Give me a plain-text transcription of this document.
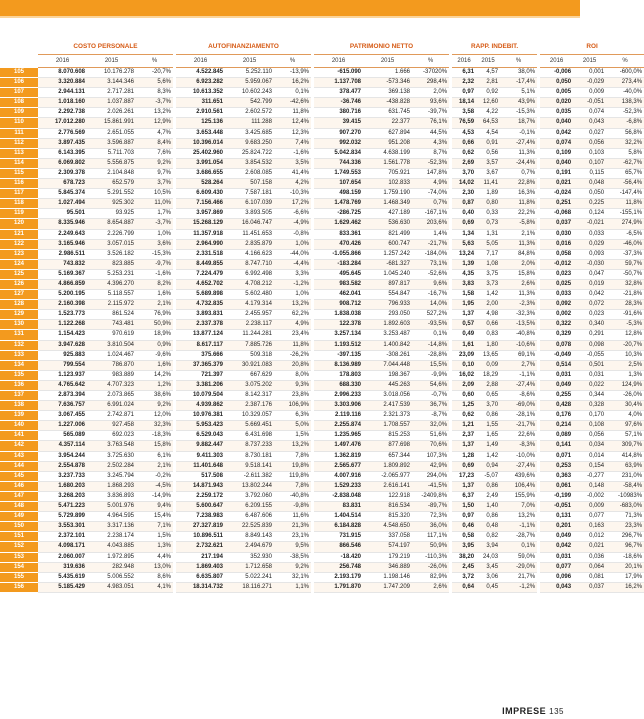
	COSTO PERSONALE				AUTOFINANZIAMENTO				PATRIMONIO NETTO				RAPP. INDEBIT.				ROI		
	2016	2015	%		2016	2015	%		2016	2015	%		2016	2015	%		2016	2015	%
105	8.070.608	10.176.278	-20,7%		4.522.845	5.252.110	-13,9%		-615.090	1.666	-37020%		6,31	4,57	38,0%		-0,006	0,001	-600,0%
106	3.320.884	3.144.346	5,6%		6.923.282	5.959.067	16,2%		1.137.708	-573.346	298,4%		2,32	2,81	-17,4%		0,050	-0,029	273,4%
107	2.944.131	2.717.281	8,3%		10.613.352	10.602.243	0,1%		378.477	369.138	2,0%		0,97	0,92	5,1%		0,005	0,009	-40,0%
108	1.018.160	1.037.887	-3,7%		311.651	542.799	-42,6%		-36.746	-438.828	93,6%		18,14	12,60	43,9%		0,020	-0,051	138,3%
109	2.292.738	2.026.261	13,2%		2.910.561	2.602.572	11,8%		380.716	631.745	-39,7%		3,58	4,22	-15,3%		0,035	0,074	-52,3%
110	17.012.280	15.861.991	12,9%		125.136	111.288	12,4%		39.415	22.377	76,1%		76,59	64,53	18,7%		0,040	0,043	-6,8%
111	2.776.569	2.651.055	4,7%		3.653.448	3.425.685	12,3%		907.270	627.894	44,5%		4,53	4,54	-0,1%		0,042	0,027	56,8%
112	3.897.435	3.596.887	8,4%		10.396.014	9.683.250	7,4%		992.032	951.208	4,3%		0,66	0,91	-27,4%		0,074	0,056	32,2%
113	6.143.395	5.711.703	7,6%		25.402.960	25.824.722	-1,6%		5.042.834	4.638.199	8,7%		0,62	0,56	11,3%		0,109	0,103	5,8%
114	6.069.802	5.556.875	9,2%		3.991.054	3.854.532	3,5%		744.336	1.561.778	-52,3%		2,69	3,57	-24,4%		0,040	0,107	-62,7%
115	2.309.378	2.104.848	9,7%		3.686.655	2.608.085	41,4%		1.749.553	705.921	147,8%		3,70	3,67	0,7%		0,191	0,115	65,7%
116	678.723	652.579	3,7%		528.264	507.158	4,2%		107.654	102.833	4,9%		14,02	11,41	22,8%		0,021	0,048	-56,4%
117	5.845.374	5.291.552	10,5%		6.609.430	7.587.181	-10,3%		498.159	1.759.190	-74,0%		2,30	1,89	16,3%		-0,024	0,050	-147,4%
118	1.027.494	925.302	11,0%		7.156.466	6.107.039	17,2%		1.478.769	1.468.349	0,7%		0,87	0,80	11,8%		0,251	0,225	11,8%
119	95.501	93.925	1,7%		3.957.869	3.893.505	-6,6%		-286.725	427.189	-167,1%		0,40	0,33	22,2%		-0,068	0,124	-155,1%
120	8.335.946	8.654.887	-3,7%		15.268.129	16.046.747	-4,9%		1.629.462	536.630	203,6%		0,69	0,73	-5,8%		0,037	-0,021	274,9%
121	2.249.643	2.226.799	1,0%		11.357.918	11.451.653	-0,8%		833.361	821.499	1,4%		1,34	1,31	2,1%		0,030	0,033	-6,5%
122	3.165.946	3.057.015	3,6%		2.964.990	2.835.879	1,0%		470.426	600.747	-21,7%		5,63	5,05	11,3%		0,016	0,029	-46,0%
123	2.986.511	3.526.182	-15,3%		2.331.518	4.166.623	-44,0%		-1.055.866	1.257.242	-184,0%		13,24	7,17	84,8%		0,058	0,093	-37,3%
124	743.832	823.885	-9,7%		8.449.855	8.747.710	-4,4%		-183.284	-681.327	73,1%		1,39	1,08	2,0%		-0,012	-0,030	59,7%
125	5.169.367	5.253.231	-1,6%		7.224.479	6.992.498	3,3%		495.645	1.045.240	-52,6%		4,35	3,75	15,8%		0,023	0,047	-50,7%
126	4.866.859	4.396.270	8,2%		4.652.702	4.708.212	-1,2%		983.582	897.817	9,6%		3,83	3,73	2,6%		0,025	0,019	32,8%
127	5.200.195	5.118.557	1,6%		5.689.898	5.602.480	1,0%		462.041	554.847	-16,7%		1,58	1,42	11,3%		0,033	0,042	-21,8%
128	2.160.398	2.115.972	2,1%		4.732.835	4.179.314	13,2%		908.712	796.933	14,0%		1,95	2,00	-2,3%		0,092	0,072	28,3%
129	1.523.773	861.524	76,9%		3.893.831	2.455.957	62,2%		1.838.038	293.050	527,2%		1,37	4,98	-32,3%		0,002	0,023	-91,6%
130	1.122.268	743.481	50,9%		2.337.378	2.238.117	4,9%		122.378	1.892.603	-93,5%		0,57	0,66	-13,5%		0,322	0,340	-5,3%
131	1.154.423	970.619	18,9%		13.877.124	11.244.281	23,4%		3.257.134	3.253.487	0,1%		0,49	0,83	-40,8%		0,329	0,291	12,8%
132	3.947.628	3.810.504	0,9%		8.617.117	7.885.726	11,8%		1.193.512	1.400.842	-14,8%		1,61	1,80	-10,6%		0,078	0,098	-20,7%
133	925.883	1.024.467	-9,6%		375.666	509.318	-26,2%		-397.135	-308.261	-28,8%		23,09	13,65	69,1%		-0,049	-0,055	10,3%
134	799.554	786.870	1,6%		37.365.379	30.921.083	20,8%		8.136.989	7.044.448	15,5%		0,10	0,09	2,7%		0,514	0,501	2,5%
135	1.123.937	983.889	14,2%		721.397	667.629	8,0%		178.803	198.367	-9,9%		16,02	18,29	-1,1%		0,031	0,031	1,3%
136	4.765.642	4.707.323	1,2%		3.381.206	3.075.202	9,3%		688.330	445.263	54,6%		2,09	2,88	-27,4%		0,049	0,022	124,9%
137	2.873.394	2.073.865	38,6%		10.079.504	8.142.317	23,8%		2.996.233	3.018.056	-0,7%		0,60	0,65	-8,6%		0,255	0,344	-26,0%
138	7.636.757	6.991.024	9,2%		4.939.862	2.387.176	106,9%		3.303.906	2.417.539	36,7%		1,25	3,70	-69,0%		0,428	0,328	30,4%
139	3.067.455	2.742.871	12,0%		10.976.381	10.329.057	6,3%		2.119.116	2.321.373	-8,7%		0,62	0,86	-28,1%		0,176	0,170	4,0%
140	1.227.006	927.458	32,3%		5.953.423	5.669.451	5,0%		2.255.874	1.708.557	32,0%		1,21	1,55	-21,7%		0,214	0,108	97,6%
141	565.089	692.023	-18,3%		6.529.043	6.431.698	1,5%		1.235.965	815.253	51,6%		2,37	1,65	22,6%		0,089	0,056	57,1%
142	4.357.114	3.763.548	15,8%		9.882.447	8.737.233	13,2%		1.497.476	877.698	70,6%		1,37	1,49	-8,3%		0,141	0,034	309,7%
143	3.954.244	3.725.630	6,1%		9.411.303	8.730.181	7,8%		1.362.819	657.344	107,3%		1,28	1,42	-10,0%		0,071	0,014	414,8%
144	2.554.878	2.502.284	2,1%		11.401.648	9.518.141	19,8%		2.565.677	1.809.892	42,9%		0,69	0,94	-27,4%		0,253	0,154	63,9%
145	3.237.733	3.245.794	-0,2%		517.508	-2.611.382	119,8%		4.007.916	-2.065.977	294,0%		17,23	-5,07	439,6%		0,363	-0,277	231,0%
146	1.680.203	1.868.293	-4,5%		14.871.943	13.802.244	7,8%		1.529.233	2.616.141	-41,5%		1,37	0,86	106,4%		0,061	0,148	-58,4%
147	3.268.203	3.836.893	-14,9%		2.259.172	3.792.060	-40,8%		-2.838.048	122.918	-2409,8%		6,37	2,49	155,9%		-0,199	-0,002	-10983%
148	5.471.223	5.001.976	9,4%		5.600.647	6.209.155	-9,8%		83.831	816.534	-89,7%		1,50	1,40	7,0%		-0,051	0,009	-683,0%
149	5.729.899	4.964.595	15,4%		7.238.983	6.487.606	11,6%		1.404.514	815.320	72,3%		0,97	0,86	13,2%		0,131	0,077	71,3%
150	3.553.301	3.317.136	7,1%		27.327.819	22.525.839	21,3%		6.184.828	4.548.650	36,0%		0,46	0,48	-1,1%		0,201	0,163	23,3%
151	2.372.101	2.238.174	1,5%		10.896.511	8.849.143	23,1%		731.915	337.058	117,1%		0,58	0,82	-28,7%		0,049	0,012	296,7%
152	4.098.171	4.043.885	1,3%		2.732.621	2.494.679	9,5%		866.546	574.197	50,9%		3,95	3,94	0,1%		0,042	0,021	96,7%
153	2.060.007	1.972.895	4,4%		217.194	352.930	-38,5%		-18.420	179.219	-110,3%		38,20	24,03	59,0%		0,031	0,036	-18,6%
154	319.636	282.948	13,0%		1.869.403	1.712.658	9,2%		256.748	346.889	-26,0%		2,45	3,45	-29,0%		0,077	0,064	20,1%
155	5.435.619	5.006.552	8,6%		6.635.807	5.022.241	32,1%		2.193.179	1.198.146	82,9%		3,72	3,06	21,7%		0,096	0,081	17,9%
156	5.185.429	4.983.051	4,1%		18.314.732	18.116.271	1,1%		1.791.870	1.747.209	2,6%		0,64	0,45	-1,2%		0,043	0,037	16,2%
IMPRESE 135
